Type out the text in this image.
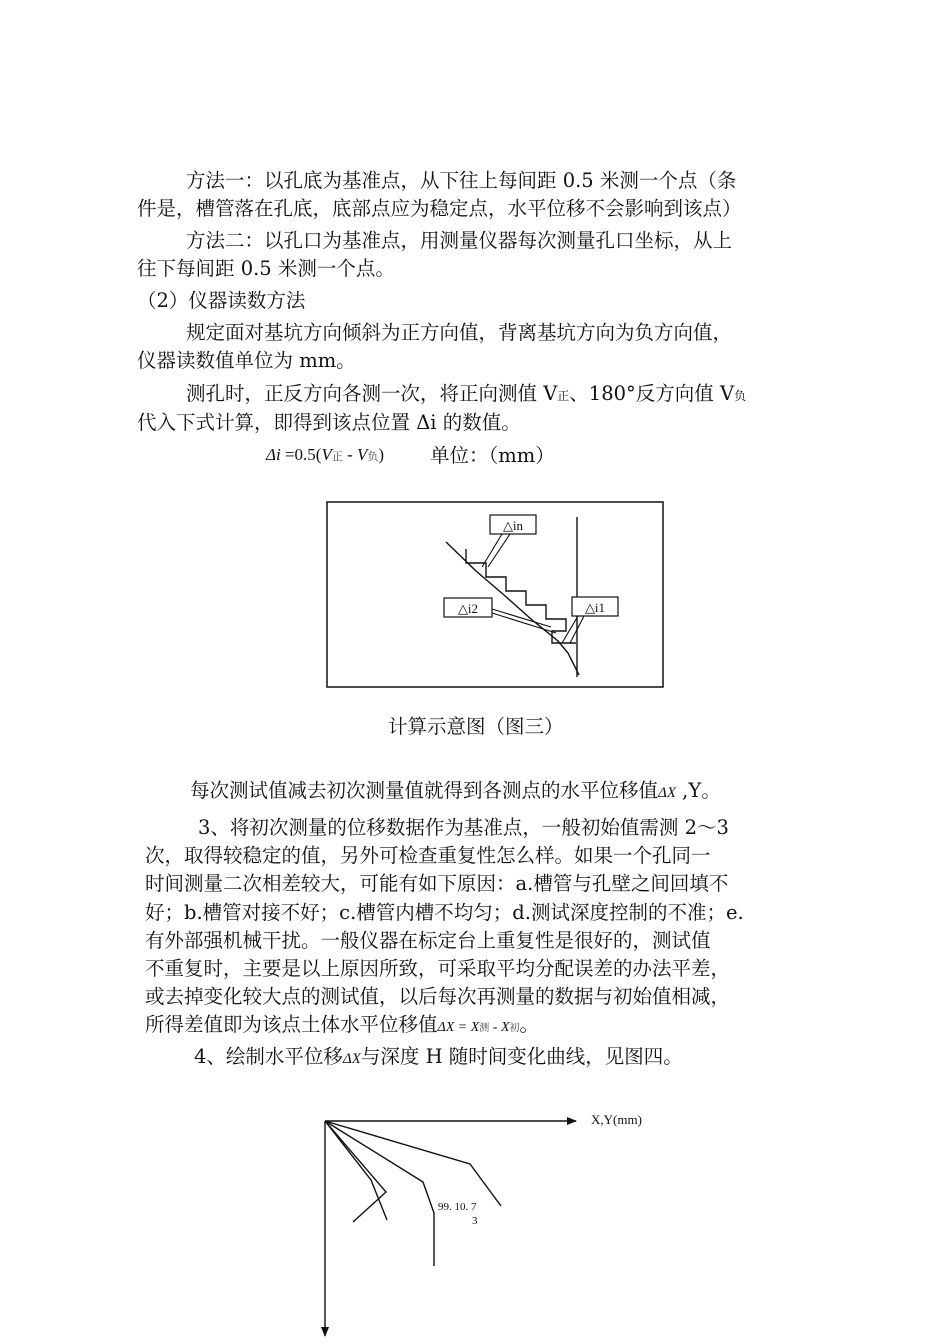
方法一：以孔底为基准点，从下往上每间距 0.5 米测一个点（条
件是，槽管落在孔底，底部点应为稳定点，水平位移不会影响到该点）
方法二：以孔口为基准点，用测量仪器每次测量孔口坐标，从上
往下每间距 0.5 米测一个点。
（2）仪器读数方法
规定面对基坑方向倾斜为正方向值，背离基坑方向为负方向值，
仪器读数值单位为 mm。
测孔时，正反方向各测一次，将正向测值 V正、180°反方向值 V负
代入下式计算，即得到该点位置 Δi 的数值。
Δi =0.5(V正 - V负) 单位：（mm）
△in
△i2	△i1
计算示意图（图三）
每次测试值减去初次测量值就得到各测点的水平位移值ΔX ,Y。
3、将初次测量的位移数据作为基准点，一般初始值需测 2～3
次，取得较稳定的值，另外可检查重复性怎么样。如果一个孔同一
时间测量二次相差较大，可能有如下原因：a.槽管与孔壁之间回填不
好；b.槽管对接不好；c.槽管内槽不均匀；d.测试深度控制的不准；e.
有外部强机械干扰。一般仪器在标定台上重复性是很好的，测试值
不重复时，主要是以上原因所致，可采取平均分配误差的办法平差，
或去掉变化较大点的测试值，以后每次再测量的数据与初始值相减，
所得差值即为该点土体水平位移值ΔX = X测 - X初。
4、绘制水平位移ΔX与深度 H 随时间变化曲线，见图四。
X,Y(mm)
99. 10. 7
3
